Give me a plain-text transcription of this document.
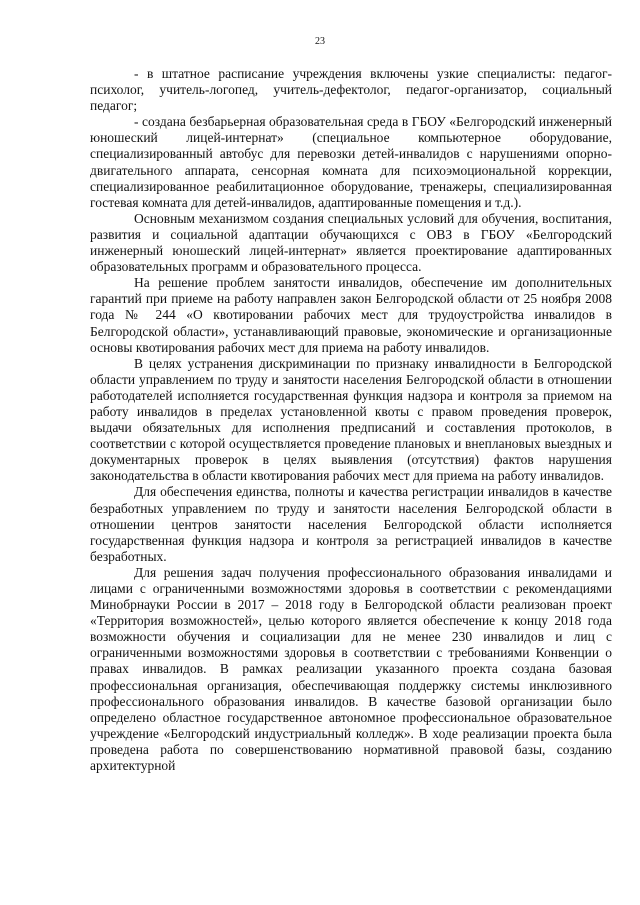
23

- в штатное расписание учреждения включены узкие специалисты: педагог-психолог, учитель-логопед, учитель-дефектолог, педагог-организатор, социальный педагог;

- создана безбарьерная образовательная среда в ГБОУ «Белгородский инженерный юношеский лицей-интернат» (специальное компьютерное оборудование, специализированный автобус для перевозки детей-инвалидов с нарушениями опорно-двигательного аппарата, сенсорная комната для психоэмоциональной коррекции, специализированное реабилитационное оборудование, тренажеры, специализированная гостевая комната для детей-инвалидов, адаптированные помещения и т.д.).

Основным механизмом создания специальных условий для обучения, воспитания, развития и социальной адаптации обучающихся с ОВЗ в ГБОУ «Белгородский инженерный юношеский лицей-интернат» является проектирование адаптированных образовательных программ и образовательного процесса.

На решение проблем занятости инвалидов, обеспечение им дополнительных гарантий при приеме на работу направлен закон Белгородской области от 25 ноября 2008 года № 244 «О квотировании рабочих мест для трудоустройства инвалидов в Белгородской области», устанавливающий правовые, экономические и организационные основы квотирования рабочих мест для приема на работу инвалидов.

В целях устранения дискриминации по признаку инвалидности в Белгородской области управлением по труду и занятости населения Белгородской области в отношении работодателей исполняется государственная функция надзора и контроля за приемом на работу инвалидов в пределах установленной квоты с правом проведения проверок, выдачи обязательных для исполнения предписаний и составления протоколов, в соответствии с которой осуществляется проведение плановых и внеплановых выездных и документарных проверок в целях выявления (отсутствия) фактов нарушения законодательства в области квотирования рабочих мест для приема на работу инвалидов.

Для обеспечения единства, полноты и качества регистрации инвалидов в качестве безработных управлением по труду и занятости населения Белгородской области в отношении центров занятости населения Белгородской области исполняется государственная функция надзора и контроля за регистрацией инвалидов в качестве безработных.

Для решения задач получения профессионального образования инвалидами и лицами с ограниченными возможностями здоровья в соответствии с рекомендациями Минобрнауки России в 2017 – 2018 году в Белгородской области реализован проект «Территория возможностей», целью которого является обеспечение к концу 2018 года возможности обучения и социализации для не менее 230 инвалидов и лиц с ограниченными возможностями здоровья в соответствии с требованиями Конвенции о правах инвалидов. В рамках реализации указанного проекта создана базовая профессиональная организация, обеспечивающая поддержку системы инклюзивного профессионального образования инвалидов. В качестве базовой организации было определено областное государственное автономное профессиональное образовательное учреждение «Белгородский индустриальный колледж». В ходе реализации проекта была проведена работа по совершенствованию нормативной правовой базы, созданию архитектурной
